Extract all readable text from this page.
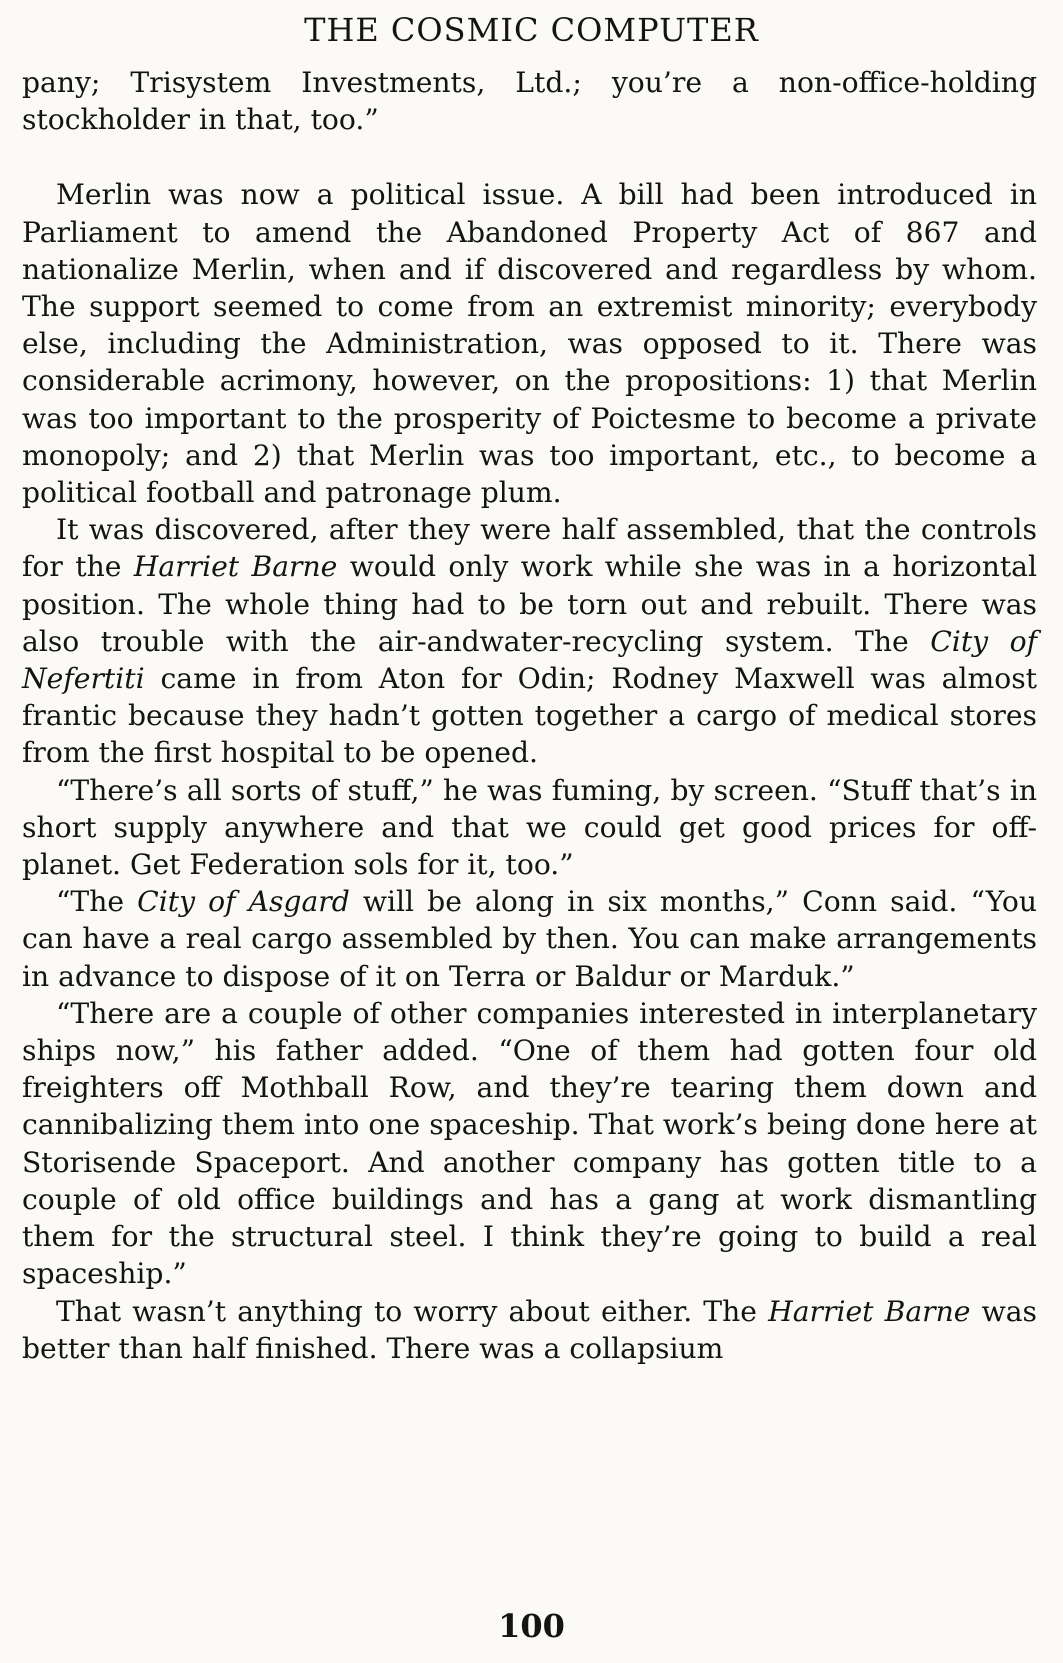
THE COSMIC COMPUTER

pany; Trisystem Investments, Ltd.; you’re a non-office-holding stockholder in that, too.”

Merlin was now a political issue. A bill had been introduced in Parliament to amend the Abandoned Property Act of 867 and nationalize Merlin, when and if discovered and regardless by whom. The support seemed to come from an extremist minority; everybody else, including the Administration, was opposed to it. There was considerable acrimony, however, on the propositions: 1) that Merlin was too important to the prosperity of Poictesme to become a private monopoly; and 2) that Merlin was too important, etc., to become a political football and patronage plum.

It was discovered, after they were half assembled, that the controls for the Harriet Barne would only work while she was in a horizontal position. The whole thing had to be torn out and rebuilt. There was also trouble with the air-andwater-recycling system. The City of Nefertiti came in from Aton for Odin; Rodney Maxwell was almost frantic because they hadn’t gotten together a cargo of medical stores from the first hospital to be opened.

“There’s all sorts of stuff,” he was fuming, by screen. “Stuff that’s in short supply anywhere and that we could get good prices for off-planet. Get Federation sols for it, too.”

“The City of Asgard will be along in six months,” Conn said. “You can have a real cargo assembled by then. You can make arrangements in advance to dispose of it on Terra or Baldur or Marduk.”

“There are a couple of other companies interested in interplanetary ships now,” his father added. “One of them had gotten four old freighters off Mothball Row, and they’re tearing them down and cannibalizing them into one spaceship. That work’s being done here at Storisende Spaceport. And another company has gotten title to a couple of old office buildings and has a gang at work dismantling them for the structural steel. I think they’re going to build a real spaceship.”

That wasn’t anything to worry about either. The Harriet Barne was better than half finished. There was a collapsium

100
